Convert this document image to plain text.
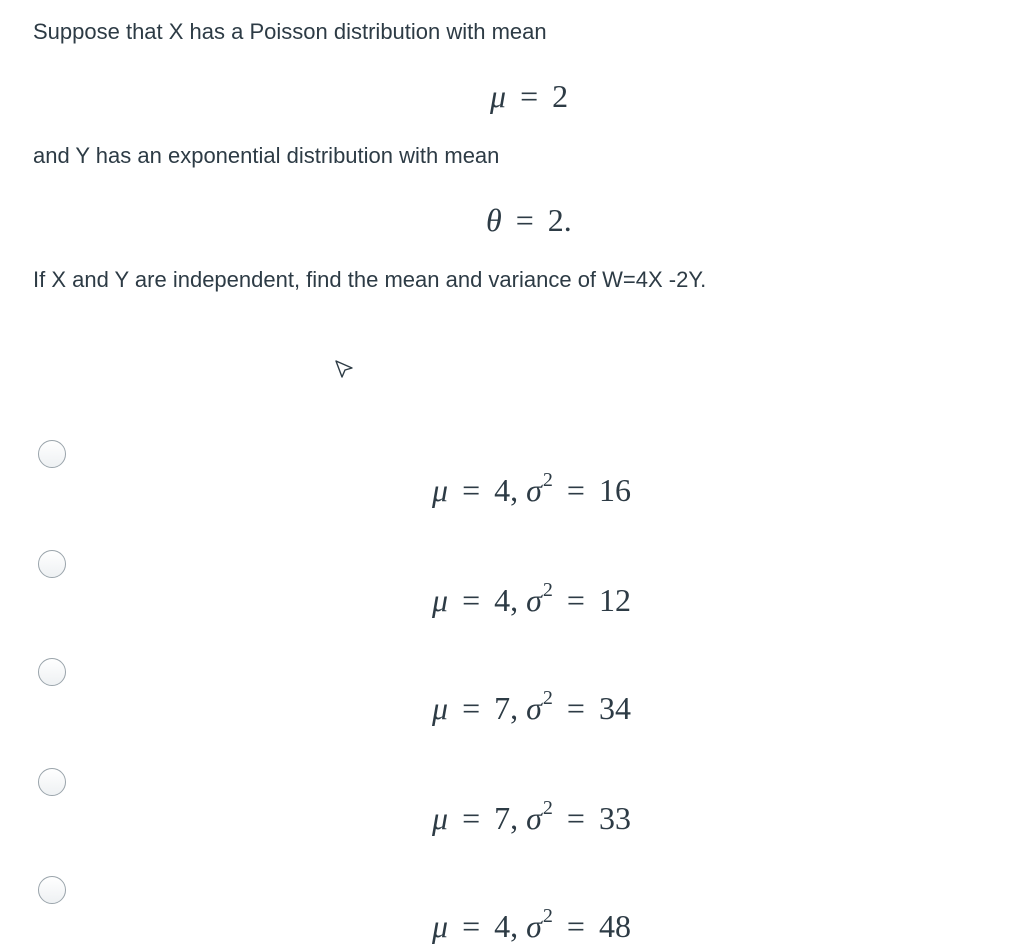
Suppose that X has a Poisson distribution with mean
μ = 2
and Y has an exponential distribution with mean
θ = 2.
If X and Y are independent, find the mean and variance of W=4X -2Y.
μ = 4, $\sigma^2 = 16$
μ = 4, $\sigma^2 = 12$
μ = 7, $\sigma^2 = 34$
μ = 7, $\sigma^2 = 33$
μ = 4, $\sigma^2 = 48$
